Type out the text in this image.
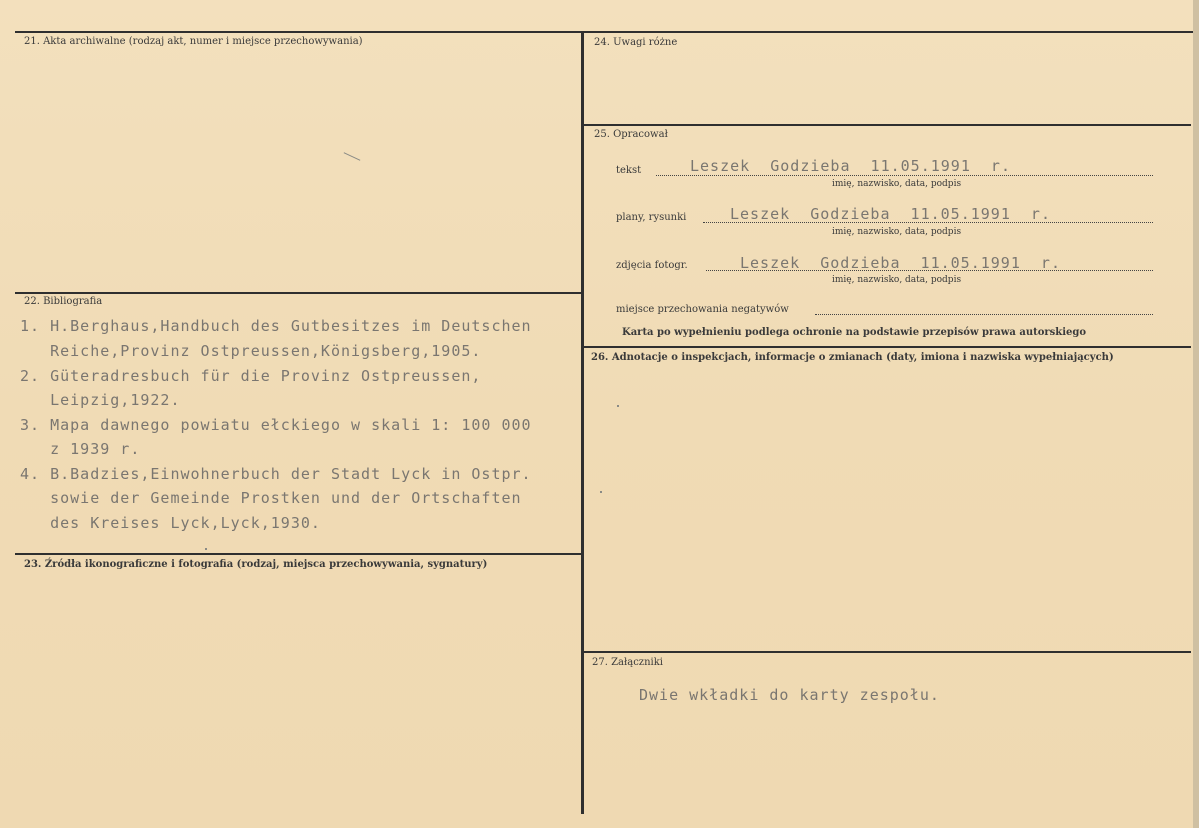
21. Akta archiwalne (rodzaj akt, numer i miejsce przechowywania)
22. Bibliografia
23. Źródła ikonograficzne i fotografia (rodzaj, miejsca przechowywania, sygnatury)
24. Uwagi różne
25. Opracował
26. Adnotacje o inspekcjach, informacje o zmianach (daty, imiona i nazwiska wypełniających)
27. Załączniki
1. H.Berghaus,Handbuch des Gutbesitzes im Deutschen
Reiche,Provinz Ostpreussen,Königsberg,1905.
2. Güteradresbuch für die Provinz Ostpreussen,
Leipzig,1922.
3. Mapa dawnego powiatu ełckiego w skali 1: 100 000
z 1939 r.
4. B.Badzies,Einwohnerbuch der Stadt Lyck in Ostpr.
sowie der Gemeinde Prostken und der Ortschaften
des Kreises Lyck,Lyck,1930.
tekst	Leszek  Godzieba  11.05.1991  r.
imię, nazwisko, data, podpis
plany, rysunki	Leszek  Godzieba  11.05.1991  r.
imię, nazwisko, data, podpis
zdjęcia fotogr.	Leszek  Godzieba  11.05.1991  r.
imię, nazwisko, data, podpis
miejsce przechowania negatywów
Karta po wypełnieniu podlega ochronie na podstawie przepisów prawa autorskiego
Dwie wkładki do karty zespołu.
